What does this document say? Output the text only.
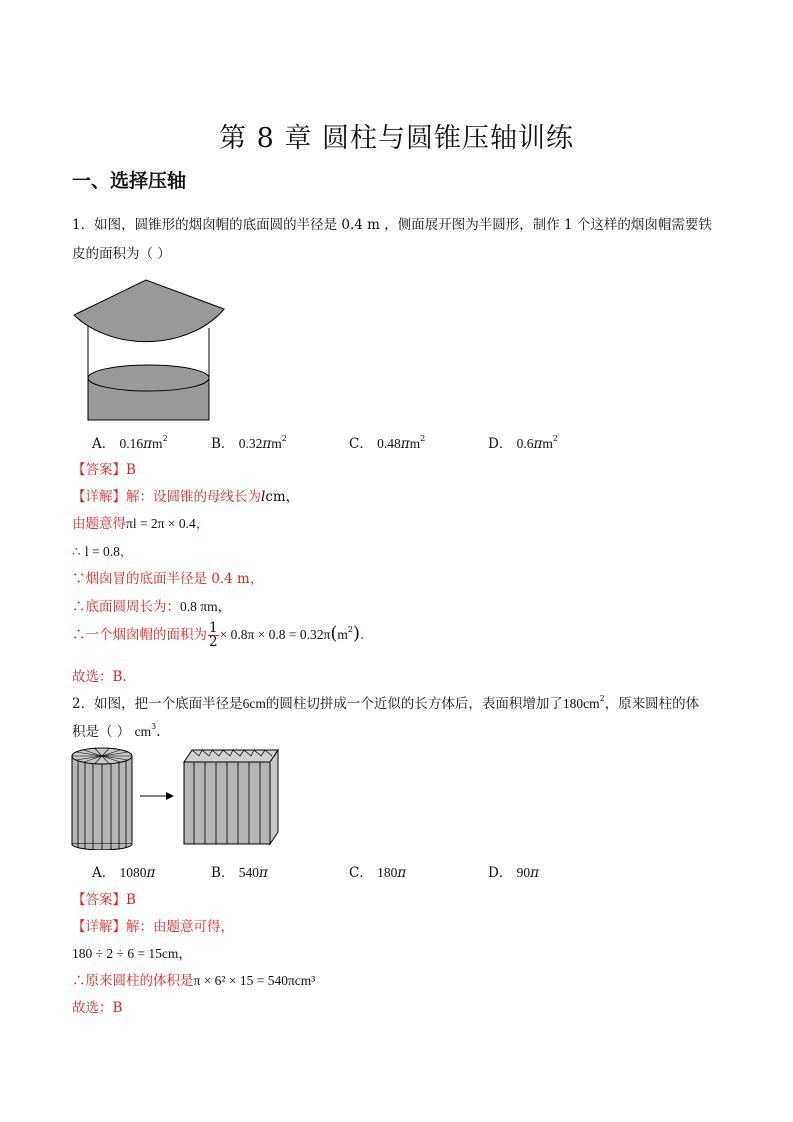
第 8 章 圆柱与圆锥压轴训练
一、选择压轴
1．如图，圆锥形的烟囱帽的底面圆的半径是 0.4 m ，侧面展开图为半圆形，制作 1 个这样的烟囱帽需要铁
皮的面积为（ ）
A． $0.16\pi m^2$	B． $0.32\pi m^2$	C． $0.48\pi m^2$	D． $0.6\pi m^2$
【答案】B
【详解】解：设圆锥的母线长为lcm，
由题意得πl = 2π × 0.4，
∴ l = 0.8，
∵烟囱冒的底面半径是 0.4 m，
∴底面圆周长为：0.8 πm，
∴一个烟囱帽的面积为 $\frac{1}{2} \times 0.8\pi \times 0.8 = 0.32\pi(m^2)$.
故选：B.
2．如图，把一个底面半径是6cm的圆柱切拼成一个近似的长方体后，表面积增加了$180cm^2$，原来圆柱的体
积是（ ） $cm^3$.
A． 1080π	B． 540π	C． 180π	D． 90π
【答案】B
【详解】解：由题意可得，
180 ÷ 2 ÷ 6 = 15cm，
∴原来圆柱的体积是π × 6² × 15 = 540πcm³
故选：B
